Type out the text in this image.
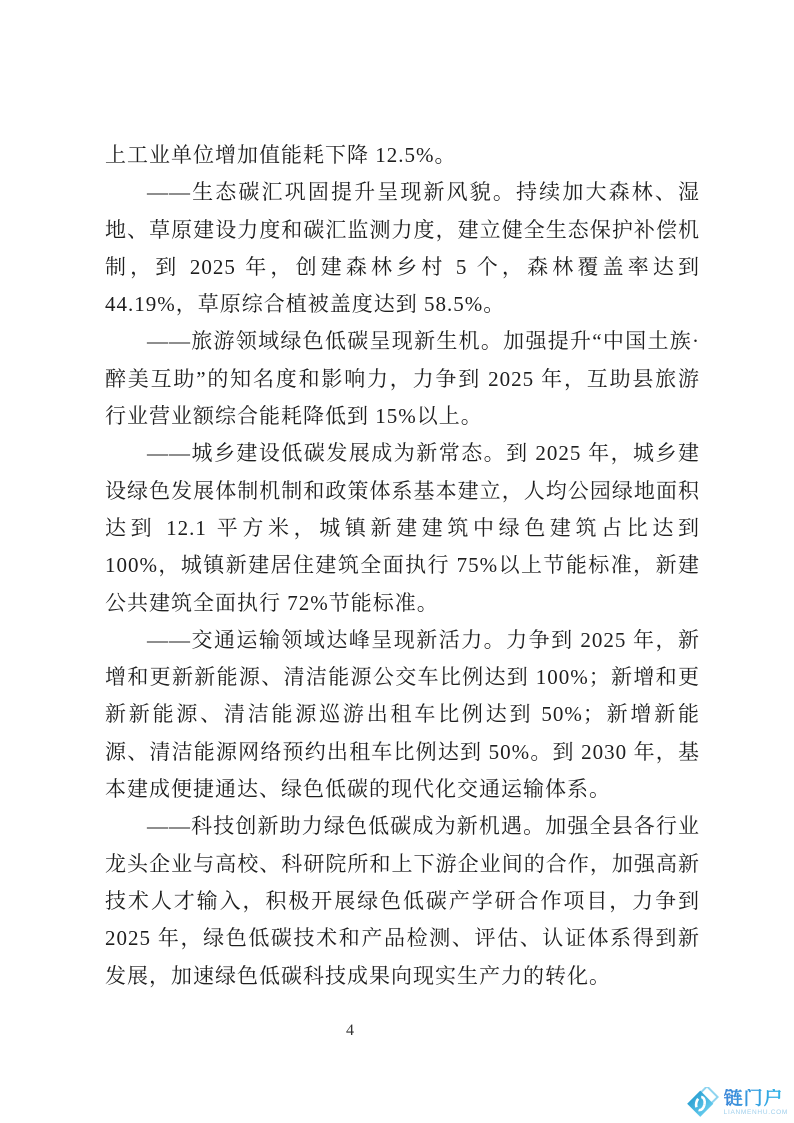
上工业单位增加值能耗下降 12.5%。

——生态碳汇巩固提升呈现新风貌。持续加大森林、湿地、草原建设力度和碳汇监测力度，建立健全生态保护补偿机制，到 2025 年，创建森林乡村 5 个，森林覆盖率达到 44.19%，草原综合植被盖度达到 58.5%。

——旅游领域绿色低碳呈现新生机。加强提升“中国土族·醉美互助”的知名度和影响力，力争到 2025 年，互助县旅游行业营业额综合能耗降低到 15%以上。

——城乡建设低碳发展成为新常态。到 2025 年，城乡建设绿色发展体制机制和政策体系基本建立，人均公园绿地面积达到 12.1 平方米，城镇新建建筑中绿色建筑占比达到 100%，城镇新建居住建筑全面执行 75%以上节能标准，新建公共建筑全面执行 72%节能标准。

——交通运输领域达峰呈现新活力。力争到 2025 年，新增和更新新能源、清洁能源公交车比例达到 100%；新增和更新新能源、清洁能源巡游出租车比例达到 50%；新增新能源、清洁能源网络预约出租车比例达到 50%。到 2030 年，基本建成便捷通达、绿色低碳的现代化交通运输体系。

——科技创新助力绿色低碳成为新机遇。加强全县各行业龙头企业与高校、科研院所和上下游企业间的合作，加强高新技术人才输入，积极开展绿色低碳产学研合作项目，力争到 2025 年，绿色低碳技术和产品检测、评估、认证体系得到新发展，加速绿色低碳科技成果向现实生产力的转化。

4
链门户
LIANMENHU.COM
